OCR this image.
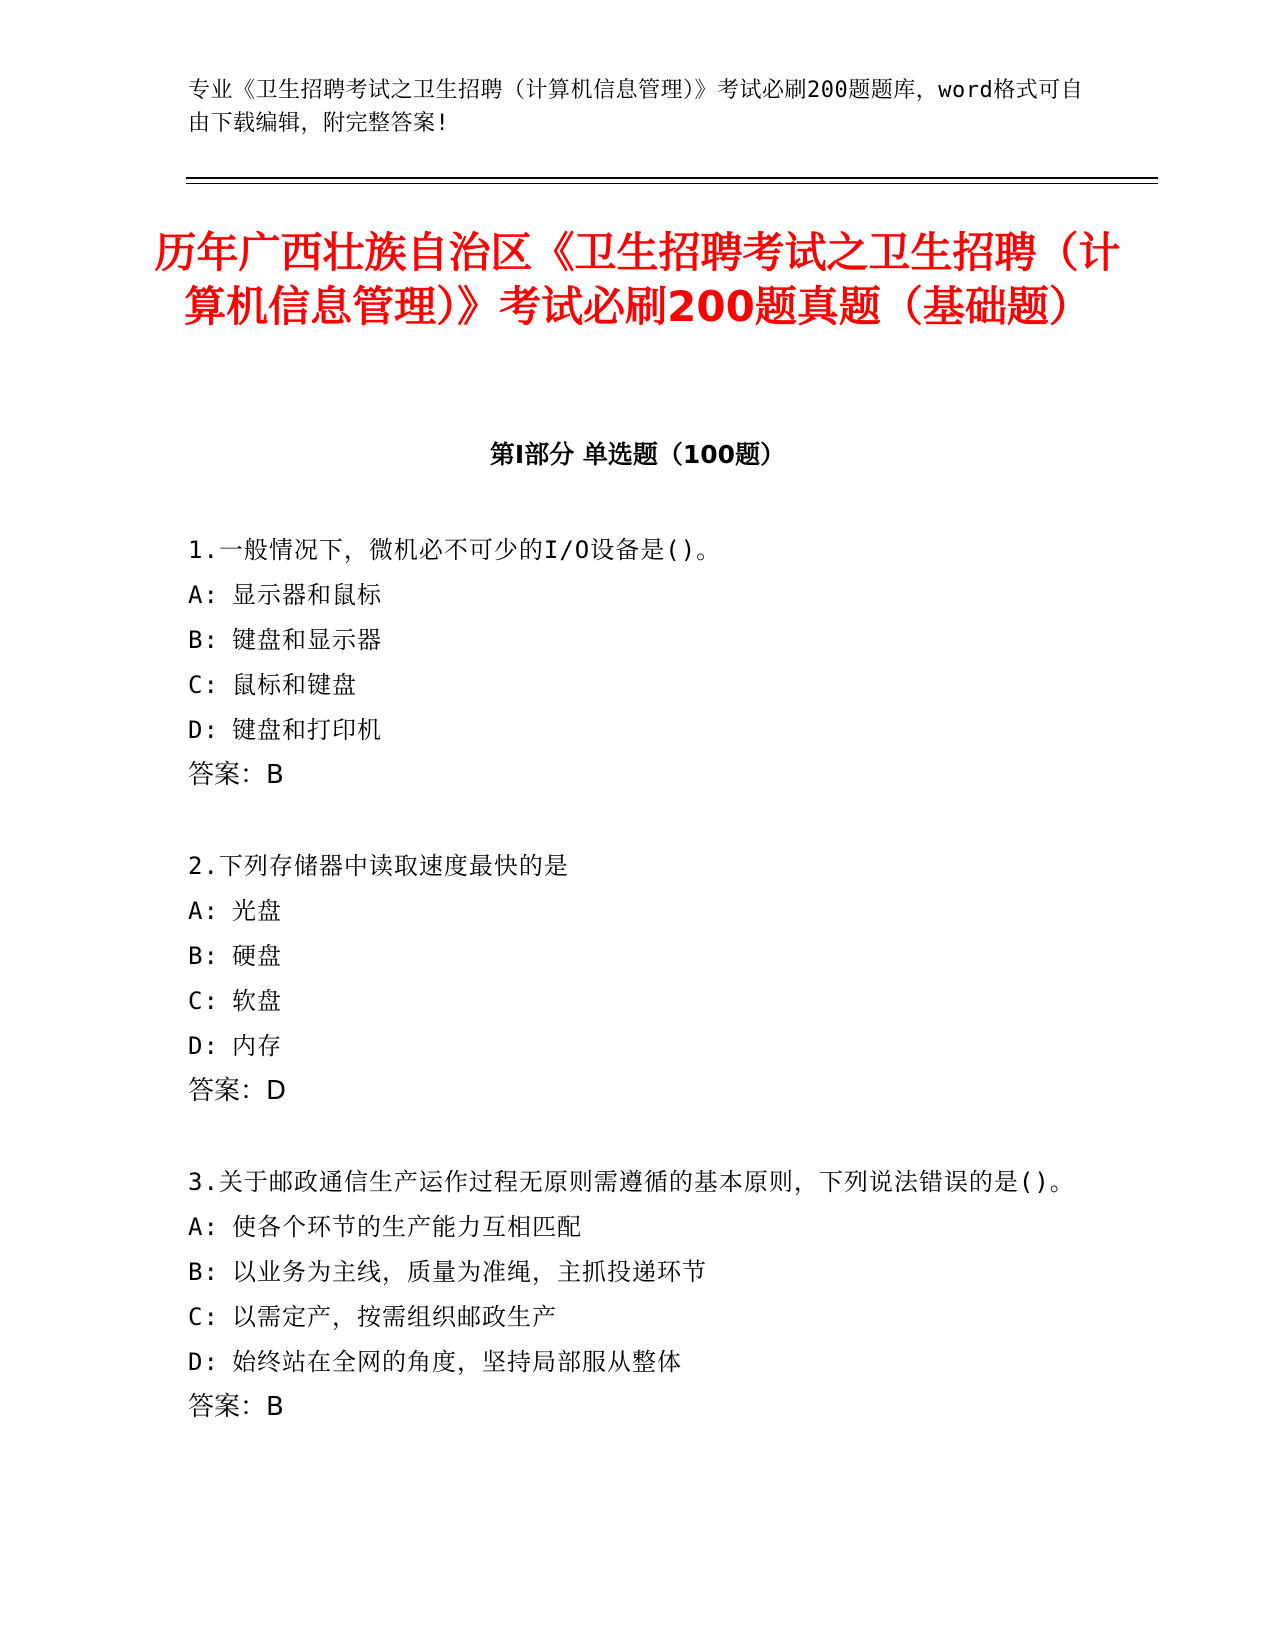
专业《卫生招聘考试之卫生招聘（计算机信息管理）》考试必刷200题题库，word格式可自由下载编辑，附完整答案!

历年广西壮族自治区《卫生招聘考试之卫生招聘（计算机信息管理）》考试必刷200题真题（基础题）
第Ⅰ部分 单选题（100题）

1.一般情况下，微机必不可少的I/O设备是()。

A: 显示器和鼠标

B: 键盘和显示器

C: 鼠标和键盘

D: 键盘和打印机

答案：B

2.下列存储器中读取速度最快的是

A: 光盘

B: 硬盘

C: 软盘

D: 内存

答案：D

3.关于邮政通信生产运作过程无原则需遵循的基本原则，下列说法错误的是()。

A: 使各个环节的生产能力互相匹配

B: 以业务为主线，质量为准绳，主抓投递环节

C: 以需定产，按需组织邮政生产

D: 始终站在全网的角度，坚持局部服从整体

答案：B
